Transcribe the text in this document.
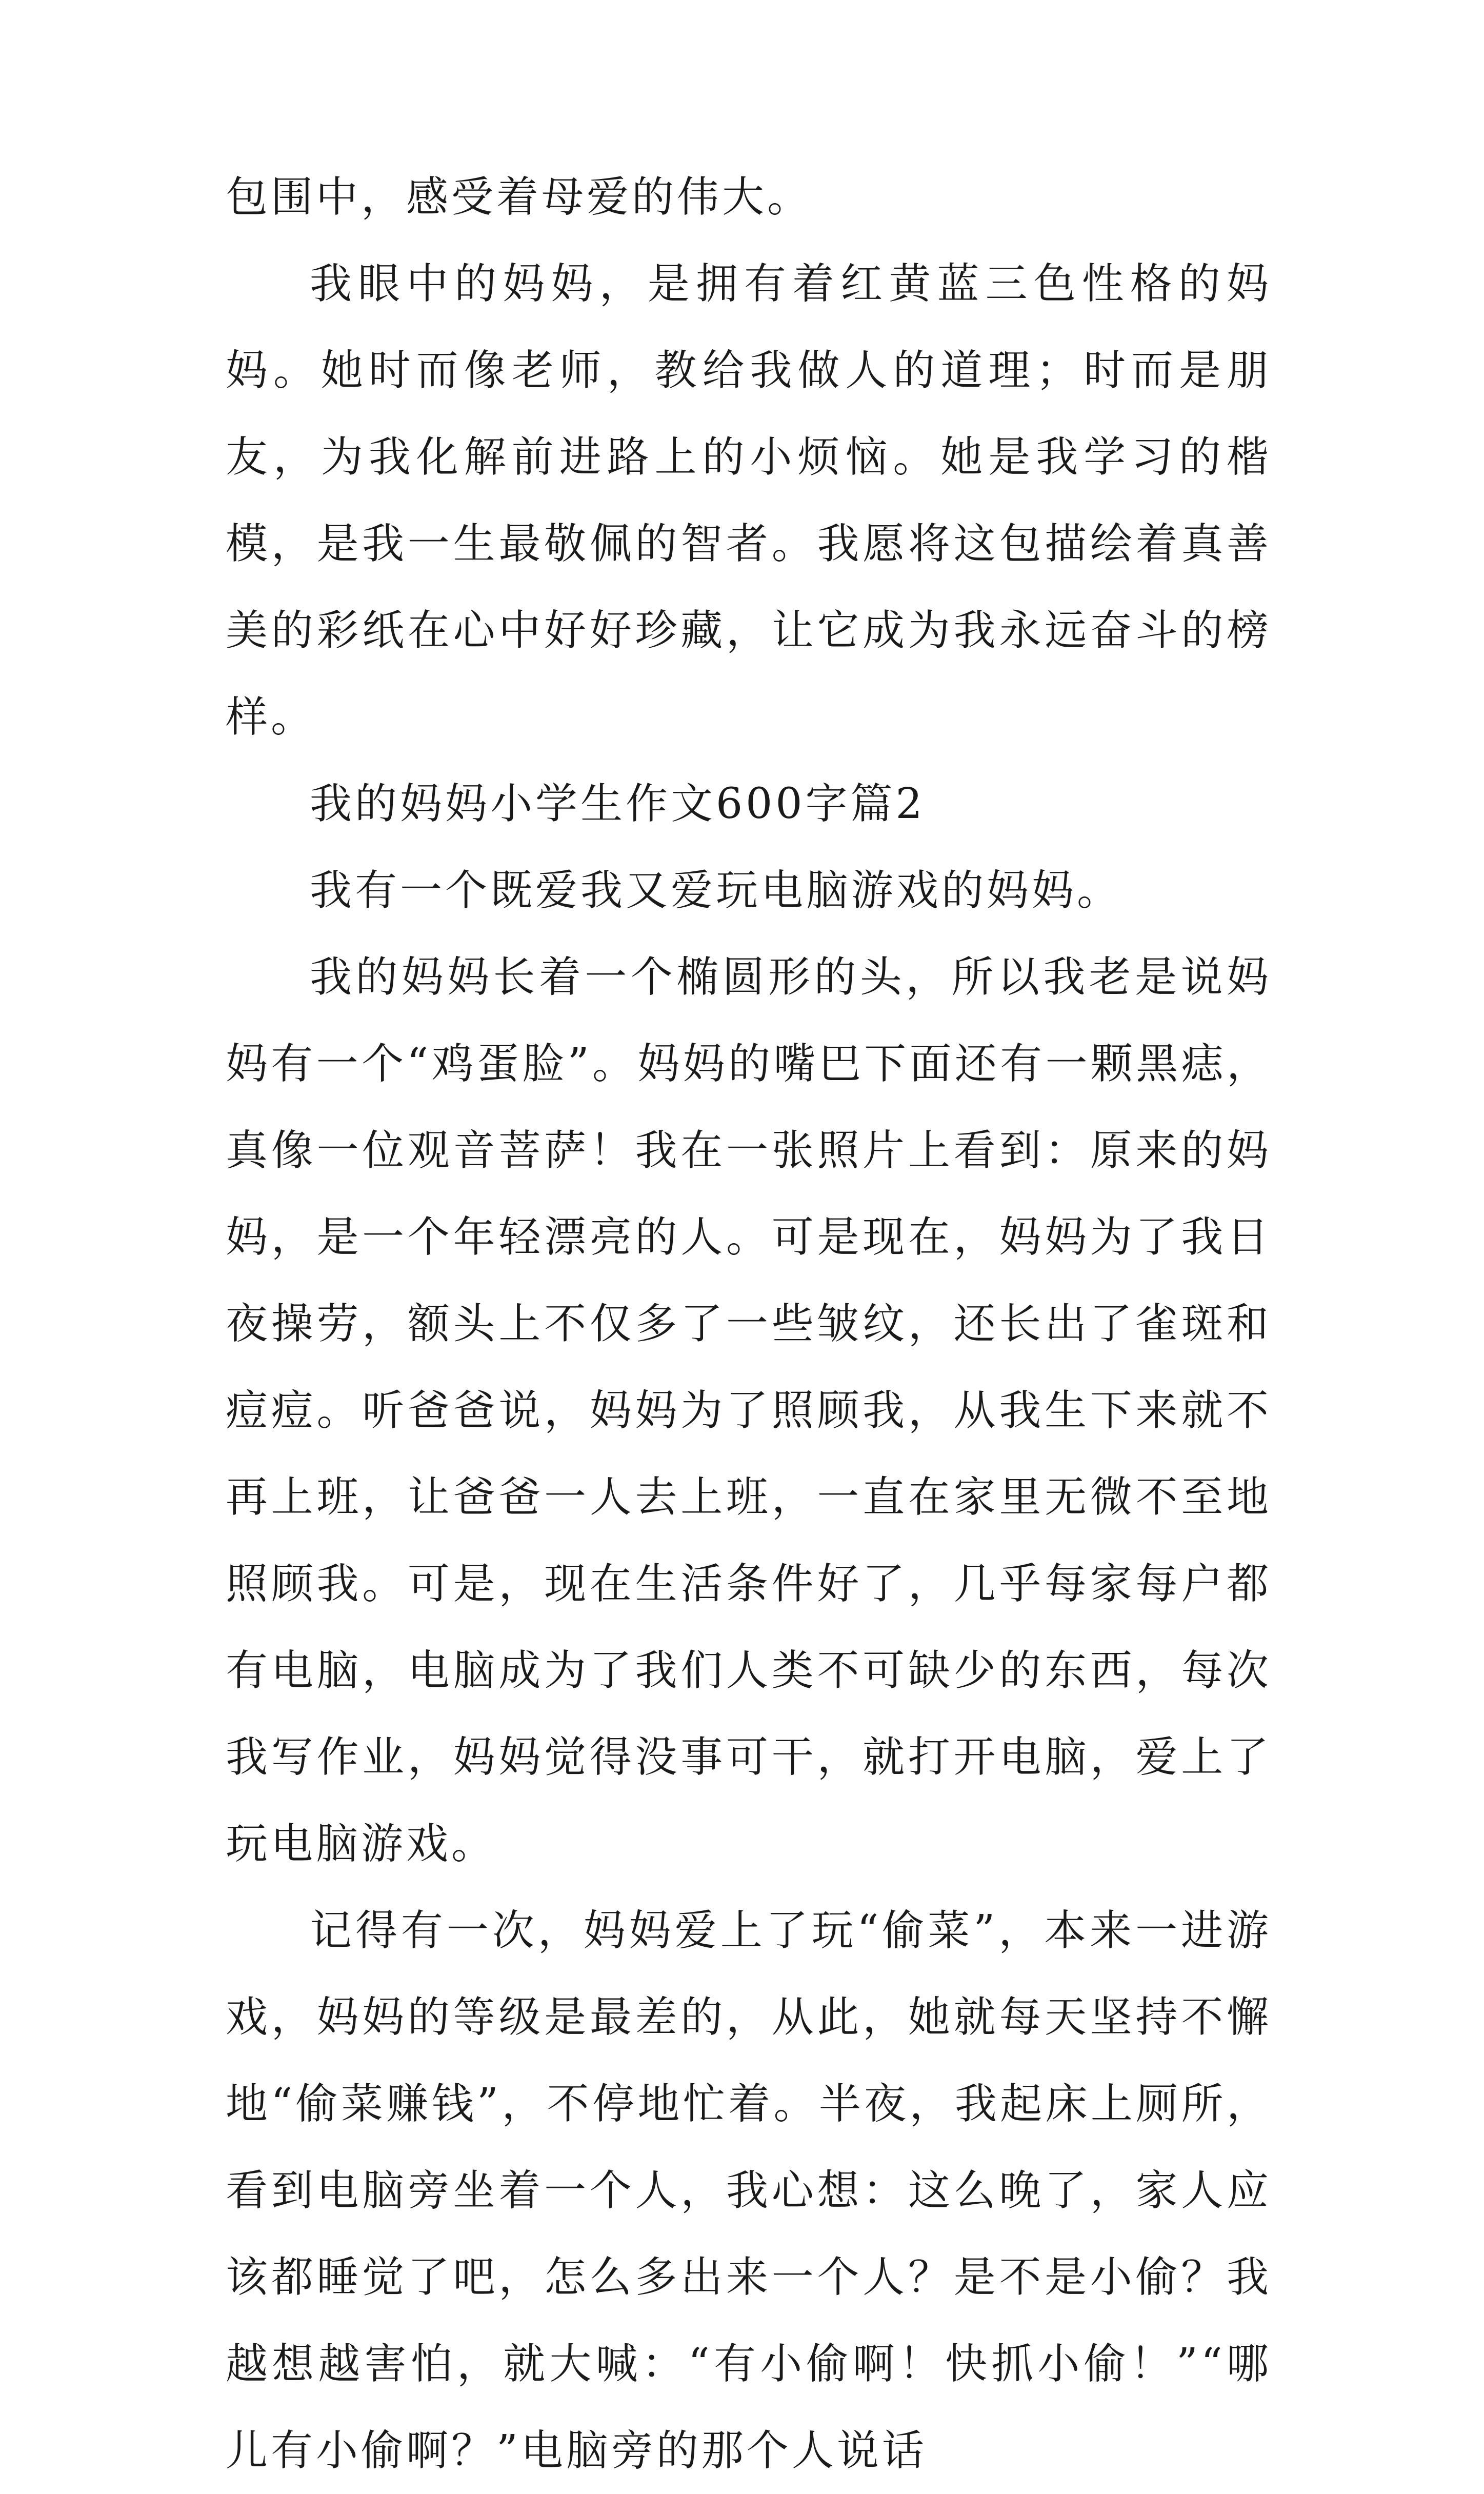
包围中，感受着母爱的伟大。

我眼中的妈妈，是拥有着红黄蓝三色性格的妈妈。她时而像老师，教给我做人的道理；时而是朋友，为我化解前进路上的小烦恼。她是我学习的楷模，是我一生最敬佩的智者。我愿将这包描绘着真善美的彩纸在心中好好珍藏，让它成为我永远奋斗的榜样。

我的妈妈小学生作文600字篇2

我有一个既爱我又爱玩电脑游戏的妈妈。

我的妈妈长着一个椭圆形的头，所以我老是说妈妈有一个“鸡蛋脸”。妈妈的嘴巴下面还有一颗黑痣，真像一位观音菩萨！我在一张照片上看到：原来的妈妈，是一个年轻漂亮的人。可是现在，妈妈为了我日夜操劳，额头上不仅多了一些皱纹，还长出了雀斑和痘痘。听爸爸说，妈妈为了照顾我，从我生下来就不再上班，让爸爸一人去上班，一直在家里无微不至地照顾我。可是，现在生活条件好了，几乎每家每户都有电脑，电脑成为了我们人类不可缺少的东西，每次我写作业，妈妈觉得没事可干，就打开电脑，爱上了玩电脑游戏。

记得有一次，妈妈爱上了玩“偷菜”，本来一进游戏，妈妈的等级是最差的，从此，她就每天坚持不懈地“偷菜赚钱”，不停地忙着。半夜，我起床上厕所，看到电脑旁坐着一个人，我心想：这么晚了，家人应该都睡觉了吧，怎么多出来一个人？是不是小偷？我越想越害怕，就大喊：“有小偷啊！快抓小偷！”“哪儿有小偷啊？”电脑旁的那个人说话
